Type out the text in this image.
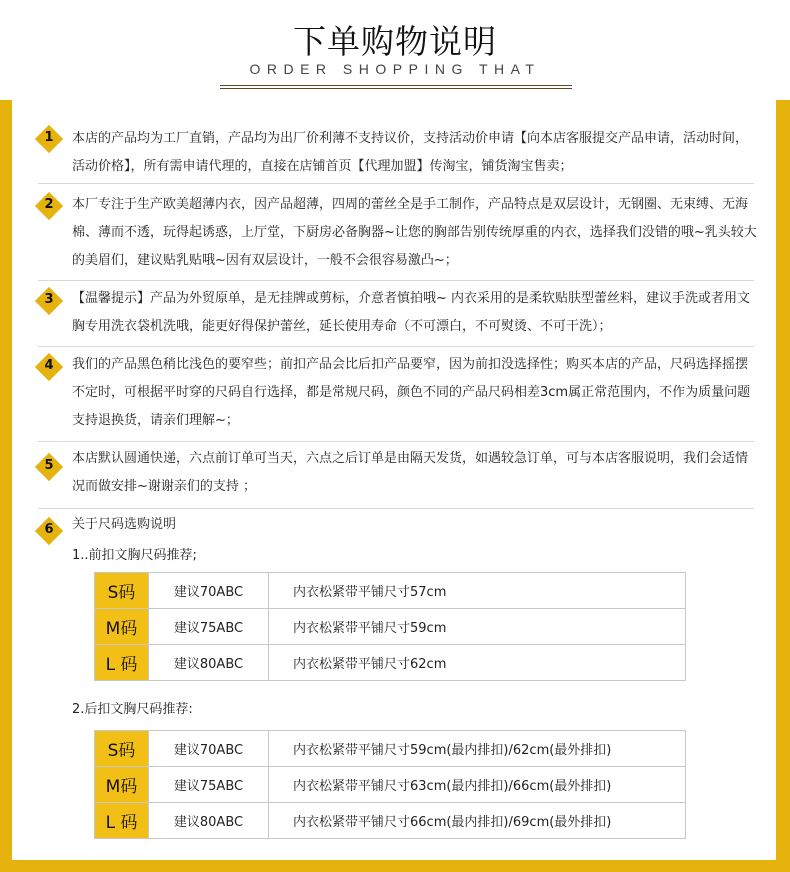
下单购物说明
ORDER SHOPPING THAT
1	本店的产品均为工厂直销，产品均为出厂价利薄不支持议价，支持活动价申请【向本店客服提交产品申请，活动时间，活动价格】，所有需申请代理的，直接在店铺首页【代理加盟】传淘宝，铺货淘宝售卖；
2	本厂专注于生产欧美超薄内衣，因产品超薄，四周的蕾丝全是手工制作，产品特点是双层设计，无钢圈、无束缚、无海棉、薄而不透，玩得起诱惑，上厅堂，下厨房必备胸器~让您的胸部告别传统厚重的内衣，选择我们没错的哦~乳头较大的美眉们，建议贴乳贴哦~因有双层设计，一般不会很容易激凸~；
3	【温馨提示】产品为外贸原单，是无挂牌或剪标，介意者慎拍哦~ 内衣采用的是柔软贴肤型蕾丝料，建议手洗或者用文胸专用洗衣袋机洗哦，能更好得保护蕾丝，延长使用寿命（不可漂白，不可熨烫、不可干洗）；
4	我们的产品黑色稍比浅色的要窄些；前扣产品会比后扣产品要窄，因为前扣没选择性；购买本店的产品，尺码选择摇摆不定时，可根据平时穿的尺码自行选择，都是常规尺码，颜色不同的产品尺码相差3cm属正常范围内，不作为质量问题支持退换货，请亲们理解~；
5	本店默认圆通快递，六点前订单可当天，六点之后订单是由隔天发货，如遇较急订单，可与本店客服说明，我们会适情况而做安排~谢谢亲们的支持 ；
6	关于尺码选购说明
1..前扣文胸尺码推荐;
S码	建议70ABC	内衣松紧带平铺尺寸57cm
M码	建议75ABC	内衣松紧带平铺尺寸59cm
L 码	建议80ABC	内衣松紧带平铺尺寸62cm
2.后扣文胸尺码推荐:
S码	建议70ABC	内衣松紧带平铺尺寸59cm(最内排扣)/62cm(最外排扣)
M码	建议75ABC	内衣松紧带平铺尺寸63cm(最内排扣)/66cm(最外排扣)
L 码	建议80ABC	内衣松紧带平铺尺寸66cm(最内排扣)/69cm(最外排扣)
